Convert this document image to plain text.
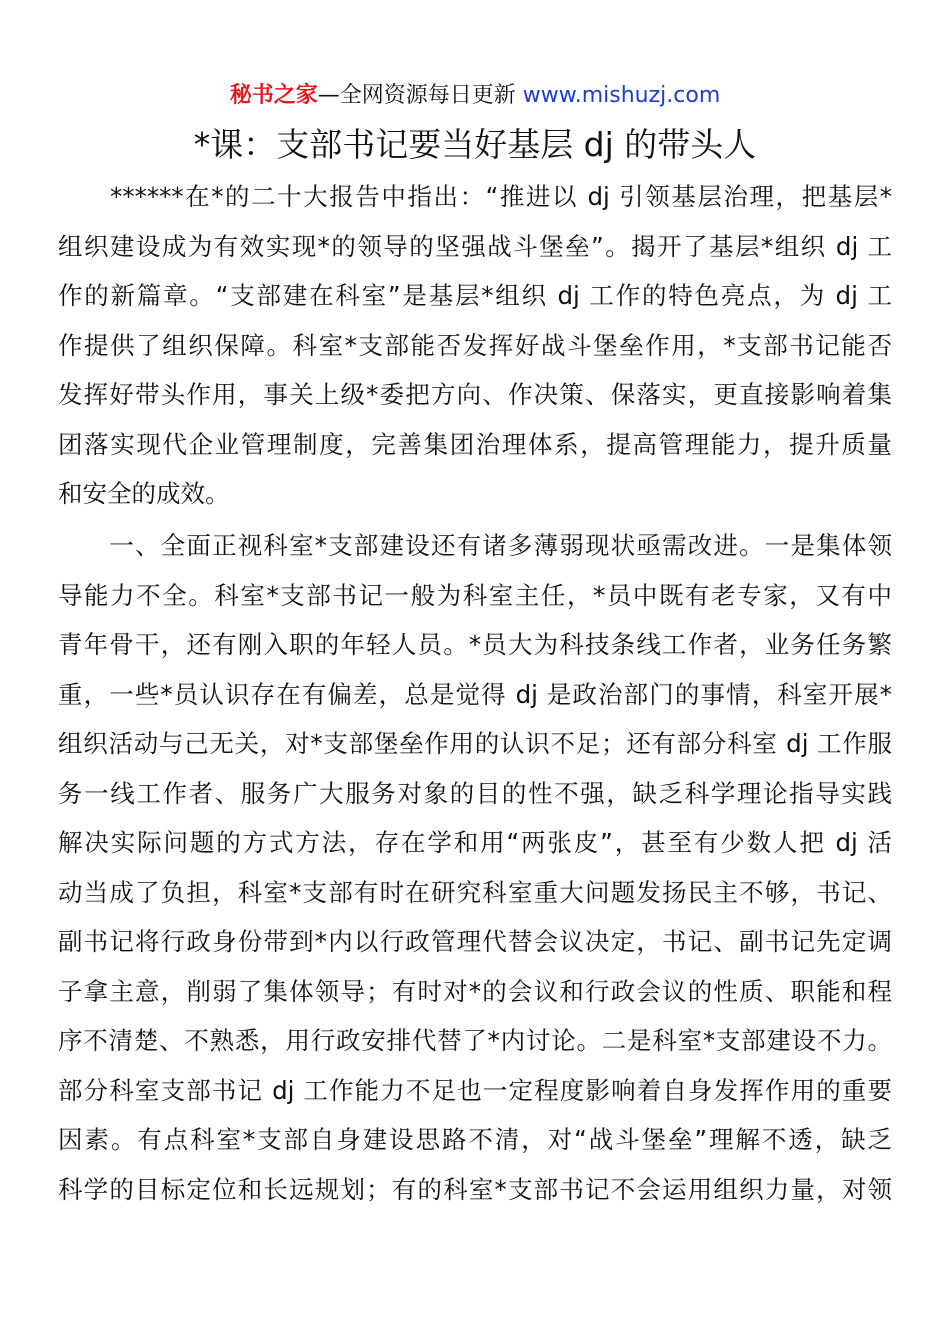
秘书之家—全网资源每日更新 www.mishuzj.com
*课：支部书记要当好基层 dj 的带头人
　　******在*的二十大报告中指出：“推进以 dj 引领基层治理，把基层*
组织建设成为有效实现*的领导的坚强战斗堡垒”。揭开了基层*组织 dj 工
作的新篇章。“支部建在科室”是基层*组织 dj 工作的特色亮点，为 dj 工
作提供了组织保障。科室*支部能否发挥好战斗堡垒作用，*支部书记能否
发挥好带头作用，事关上级*委把方向、作决策、保落实，更直接影响着集
团落实现代企业管理制度，完善集团治理体系，提高管理能力，提升质量
和安全的成效。
　　一、全面正视科室*支部建设还有诸多薄弱现状亟需改进。一是集体领
导能力不全。科室*支部书记一般为科室主任，*员中既有老专家，又有中
青年骨干，还有刚入职的年轻人员。*员大为科技条线工作者，业务任务繁
重，一些*员认识存在有偏差，总是觉得 dj 是政治部门的事情，科室开展*
组织活动与己无关，对*支部堡垒作用的认识不足；还有部分科室 dj 工作服
务一线工作者、服务广大服务对象的目的性不强，缺乏科学理论指导实践
解决实际问题的方式方法，存在学和用“两张皮”，甚至有少数人把 dj 活
动当成了负担，科室*支部有时在研究科室重大问题发扬民主不够，书记、
副书记将行政身份带到*内以行政管理代替会议决定，书记、副书记先定调
子拿主意，削弱了集体领导；有时对*的会议和行政会议的性质、职能和程
序不清楚、不熟悉，用行政安排代替了*内讨论。二是科室*支部建设不力。
部分科室支部书记 dj 工作能力不足也一定程度影响着自身发挥作用的重要
因素。有点科室*支部自身建设思路不清，对“战斗堡垒”理解不透，缺乏
科学的目标定位和长远规划；有的科室*支部书记不会运用组织力量，对领
